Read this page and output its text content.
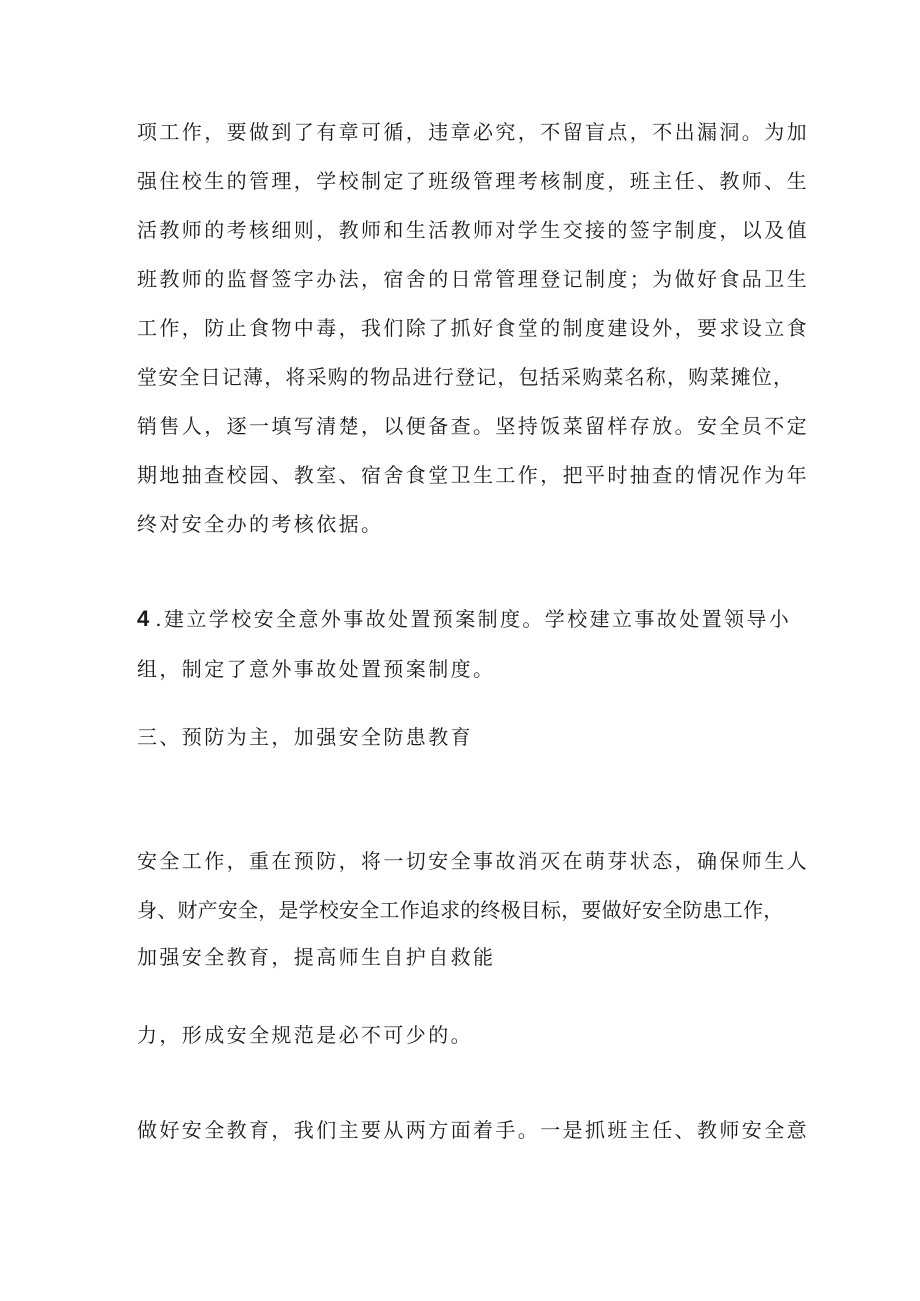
项工作，要做到了有章可循，违章必究，不留盲点，不出漏洞。为加
强住校生的管理，学校制定了班级管理考核制度，班主任、教师、生
活教师的考核细则，教师和生活教师对学生交接的签字制度，以及值
班教师的监督签字办法，宿舍的日常管理登记制度；为做好食品卫生
工作，防止食物中毒，我们除了抓好食堂的制度建设外，要求设立食
堂安全日记薄，将采购的物品进行登记，包括采购菜名称，购菜摊位，
销售人，逐一填写清楚，以便备查。坚持饭菜留样存放。安全员不定
期地抽查校园、教室、宿舍食堂卫生工作，把平时抽查的情况作为年
终对安全办的考核依据。
4 .建立学校安全意外事故处置预案制度。学校建立事故处置领导小
组，制定了意外事故处置预案制度。
三、预防为主，加强安全防患教育
安全工作，重在预防，将一切安全事故消灭在萌芽状态，确保师生人
身、财产安全，是学校安全工作追求的终极目标，要做好安全防患工作，
加强安全教育，提高师生自护自救能
力，形成安全规范是必不可少的。
做好安全教育，我们主要从两方面着手。一是抓班主任、教师安全意
